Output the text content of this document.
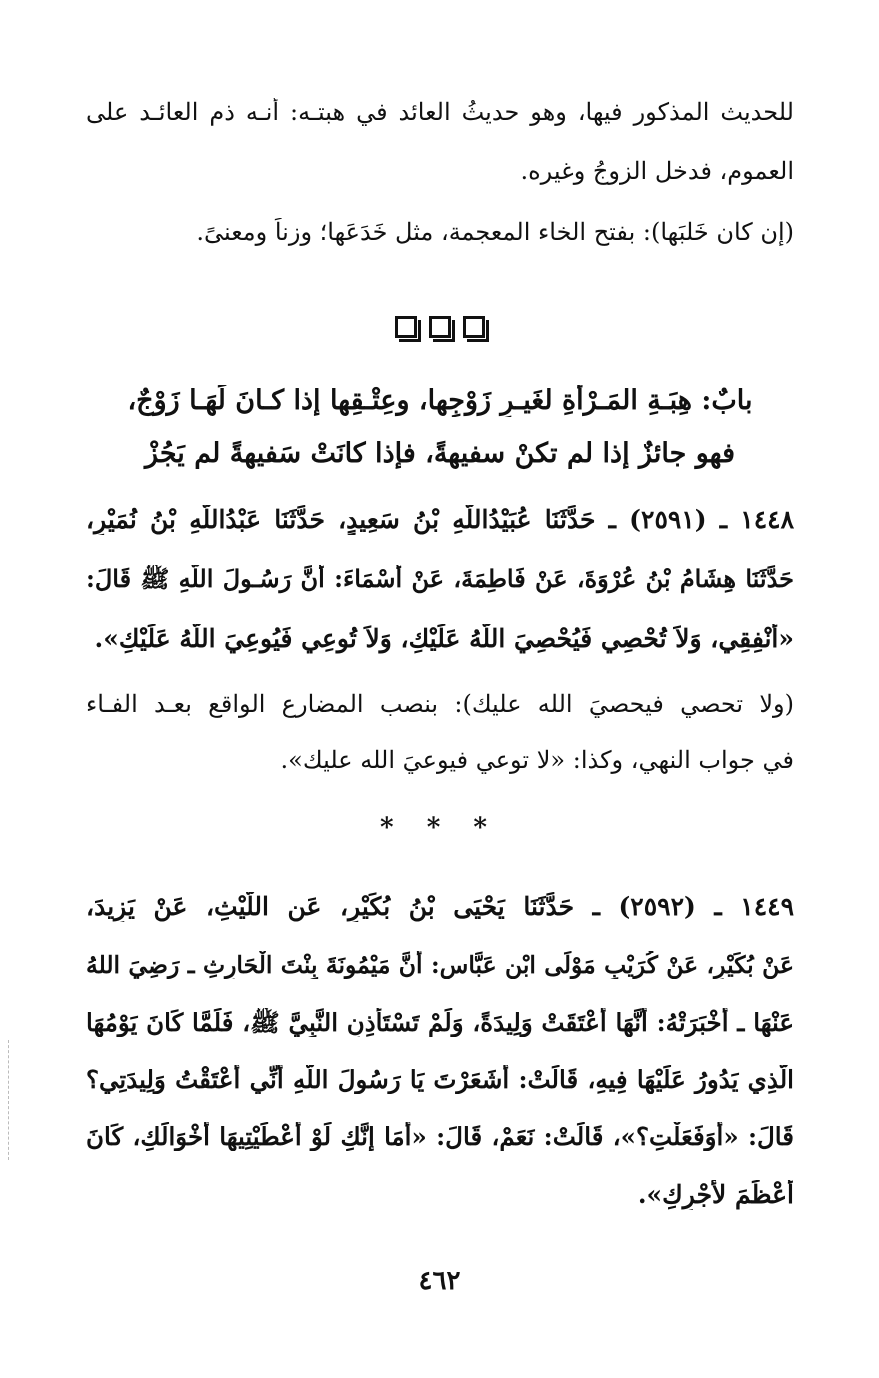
للحديث المذكور فيها، وهو حديثُ العائد في هبتـه: أنـه ذم العائـد على
العموم، فدخل الزوجُ وغيره.
(إن كان خَلبَها): بفتح الخاء المعجمة، مثل خَدَعَها؛ وزناً ومعنىً.
بابٌ: هِبَـةِ المَـرْأَةِ لغَيـرِ زَوْجِها، وعِتْـقِها إذا كـانَ لَهَـا زَوْجٌ،
فهو جائزٌ إذا لم تكنْ سفيهةً، فإذا كانَتْ سَفيهةً لم يَجُزْ
١٤٤٨ ـ (٢٥٩١) ـ حَدَّثَنَا عُبَيْدُاللَّهِ بْنُ سَعِيدٍ، حَدَّثَنَا عَبْدُاللَّهِ بْنُ نُمَيْرٍ،
حَدَّثَنَا هِشَامُ بْنُ عُرْوَةَ، عَنْ فَاطِمَةَ، عَنْ أَسْمَاءَ: أَنَّ رَسُـولَ اللَّهِ ﷺ قَالَ:
«أَنْفِقِي، وَلاَ تُحْصِي فَيُحْصِيَ اللَّهُ عَلَيْكِ، وَلاَ تُوعِي فَيُوعِيَ اللَّهُ عَلَيْكِ».
(ولا تحصي فيحصيَ الله عليك): بنصب المضارع الواقع بعـد الفـاء
في جواب النهي، وكذا: «لا توعي فيوعيَ الله عليك».
* * *
١٤٤٩ ـ (٢٥٩٢) ـ حَدَّثَنَا يَحْيَى بْنُ بُكَيْرٍ، عَنِ اللَّيْثِ، عَنْ يَزِيدَ،
عَنْ بُكَيْرٍ، عَنْ كُرَيْبٍ مَوْلَى ابْنِ عَبَّاسٍ: أَنَّ مَيْمُونَةَ بِنْتَ الْحَارِثِ ـ رَضِيَ اللهُ
عَنْهَا ـ أَخْبَرَتْهُ: أَنَّهَا أَعْتَقَتْ وَلِيدَةً، وَلَمْ تَسْتَأْذِنِ النَّبِيَّ ﷺ، فَلَمَّا كَانَ يَوْمُهَا
الَّذِي يَدُورُ عَلَيْهَا فِيهِ، قَالَتْ: أَشَعَرْتَ يَا رَسُولَ اللَّهِ أَنِّي أَعْتَقْتُ وَلِيدَتِي؟
قَالَ: «أَوَفَعَلْتِ؟»، قَالَتْ: نَعَمْ، قَالَ: «أَمَا إِنَّكِ لَوْ أَعْطَيْتِيهَا أَخْوَالَكِ، كَانَ
أَعْظَمَ لأَجْرِكِ».
٤٦٢
